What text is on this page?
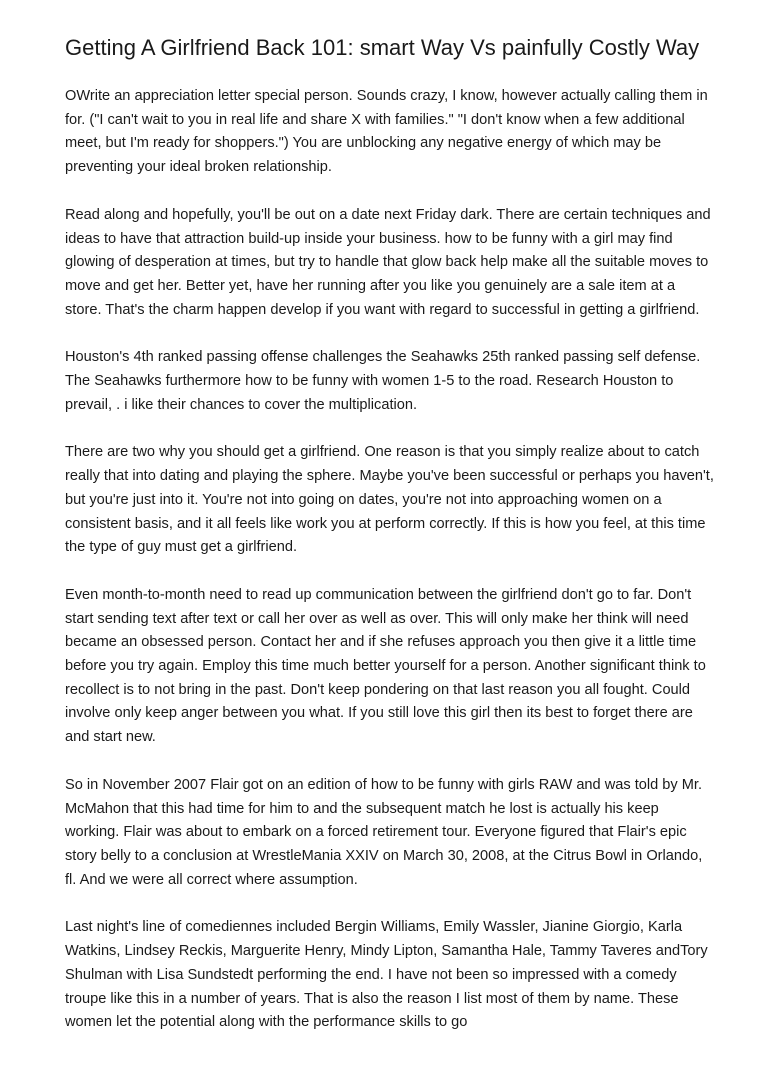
Getting A Girlfriend Back 101: smart Way Vs painfully Costly Way

OWrite an appreciation letter special person. Sounds crazy, I know, however actually calling them in for. ("I can't wait to you in real life and share X with families." "I don't know when a few additional meet, but I'm ready for shoppers.") You are unblocking any negative energy of which may be preventing your ideal broken relationship.

Read along and hopefully, you'll be out on a date next Friday dark. There are certain techniques and ideas to have that attraction build-up inside your business. how to be funny with a girl may find glowing of desperation at times, but try to handle that glow back help make all the suitable moves to move and get her. Better yet, have her running after you like you genuinely are a sale item at a store. That's the charm happen develop if you want with regard to successful in getting a girlfriend.

Houston's 4th ranked passing offense challenges the Seahawks 25th ranked passing self defense. The Seahawks furthermore how to be funny with women 1-5 to the road. Research Houston to prevail, . i like their chances to cover the multiplication.

There are two why you should get a girlfriend. One reason is that you simply realize about to catch really that into dating and playing the sphere. Maybe you've been successful or perhaps you haven't, but you're just into it. You're not into going on dates, you're not into approaching women on a consistent basis, and it all feels like work you at perform correctly. If this is how you feel, at this time the type of guy must get a girlfriend.

Even month-to-month need to read up communication between the girlfriend don't go to far. Don't start sending text after text or call her over as well as over. This will only make her think will need became an obsessed person. Contact her and if she refuses approach you then give it a little time before you try again. Employ this time much better yourself for a person. Another significant think to recollect is to not bring in the past. Don't keep pondering on that last reason you all fought. Could involve only keep anger between you what. If you still love this girl then its best to forget there are and start new.

So in November 2007 Flair got on an edition of how to be funny with girls RAW and was told by Mr. McMahon that this had time for him to and the subsequent match he lost is actually his keep working. Flair was about to embark on a forced retirement tour. Everyone figured that Flair's epic story belly to a conclusion at WrestleMania XXIV on March 30, 2008, at the Citrus Bowl in Orlando, fl. And we were all correct where assumption.

Last night's line of comediennes included Bergin Williams, Emily Wassler, Jianine Giorgio, Karla Watkins, Lindsey Reckis, Marguerite Henry, Mindy Lipton, Samantha Hale, Tammy Taveres andTory Shulman with Lisa Sundstedt performing the end. I have not been so impressed with a comedy troupe like this in a number of years. That is also the reason I list most of them by name. These women let the potential along with the performance skills to go
